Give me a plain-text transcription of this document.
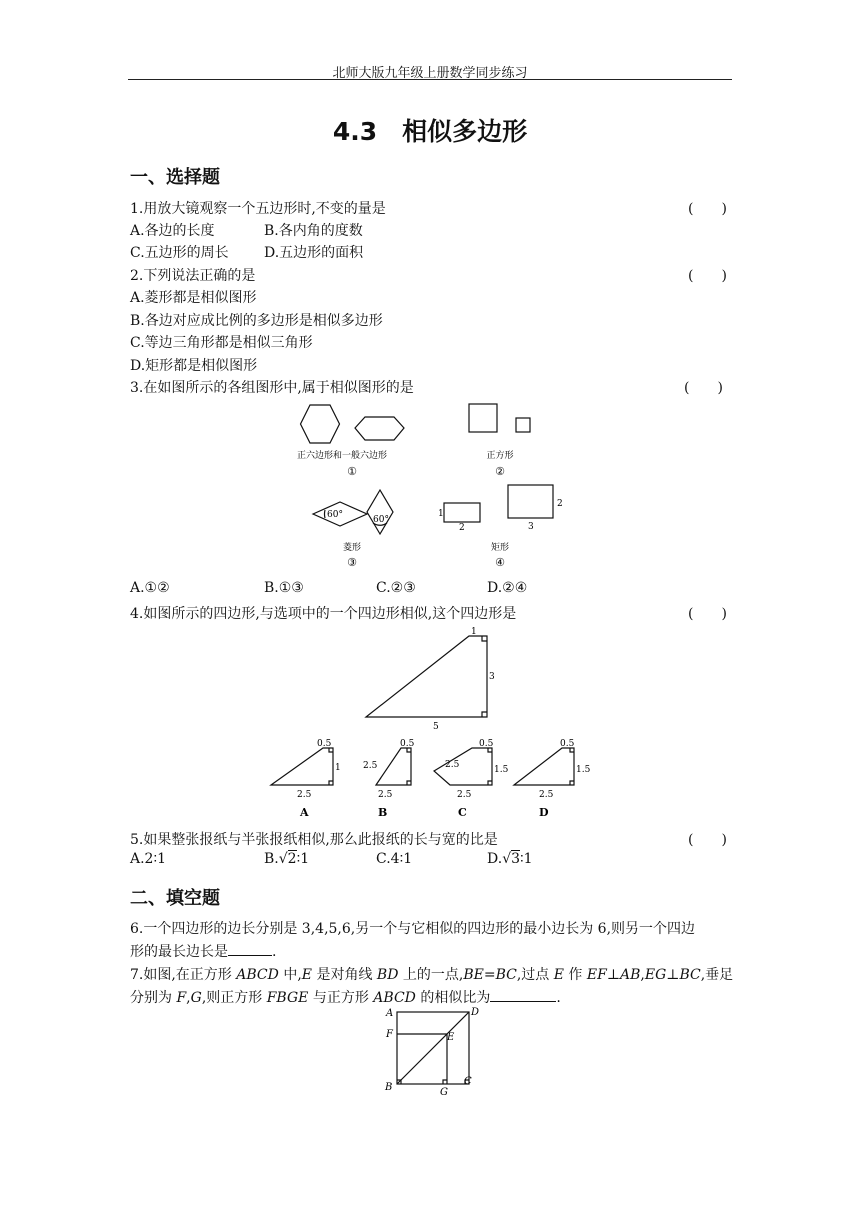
北师大版九年级上册数学同步练习
4.3　相似多边形
一、选择题
1.用放大镜观察一个五边形时,不变的量是	(　　)
A.各边的长度	B.各内角的度数
C.五边形的周长	D.五边形的面积
2.下列说法正确的是	(　　)
A.菱形都是相似图形
B.各边对应成比例的多边形是相似多边形
C.等边三角形都是相似三角形
D.矩形都是相似图形
3.在如图所示的各组图形中,属于相似图形的是	(　　)
正六边形和一般六边形
①
正方形
②
60°	60°
菱形
③
1
2
2
3
矩形
④
A.①②	B.①③	C.②③	D.②④
4.如图所示的四边形,与选项中的一个四边形相似,这个四边形是	(　　)
1
3
5
0.5
1
2.5
A
0.5
2.5
2.5
B
0.5
2.5	1.5
2.5
C
0.5
1.5
2.5
D
5.如果整张报纸与半张报纸相似,那么此报纸的长与宽的比是	(　　)
A.2∶1	B.√2∶1	C.4∶1	D.√3∶1
二、填空题
6.一个四边形的边长分别是 3,4,5,6,另一个与它相似的四边形的最小边长为 6,则另一个四边
形的最长边长是	.
7.如图,在正方形 ABCD 中,E 是对角线 BD 上的一点,BE=BC,过点 E 作 EF⊥AB,EG⊥BC,垂足
分别为 F,G,则正方形 FBGE 与正方形 ABCD 的相似比为	.
A	D
F	E
B
C
G
